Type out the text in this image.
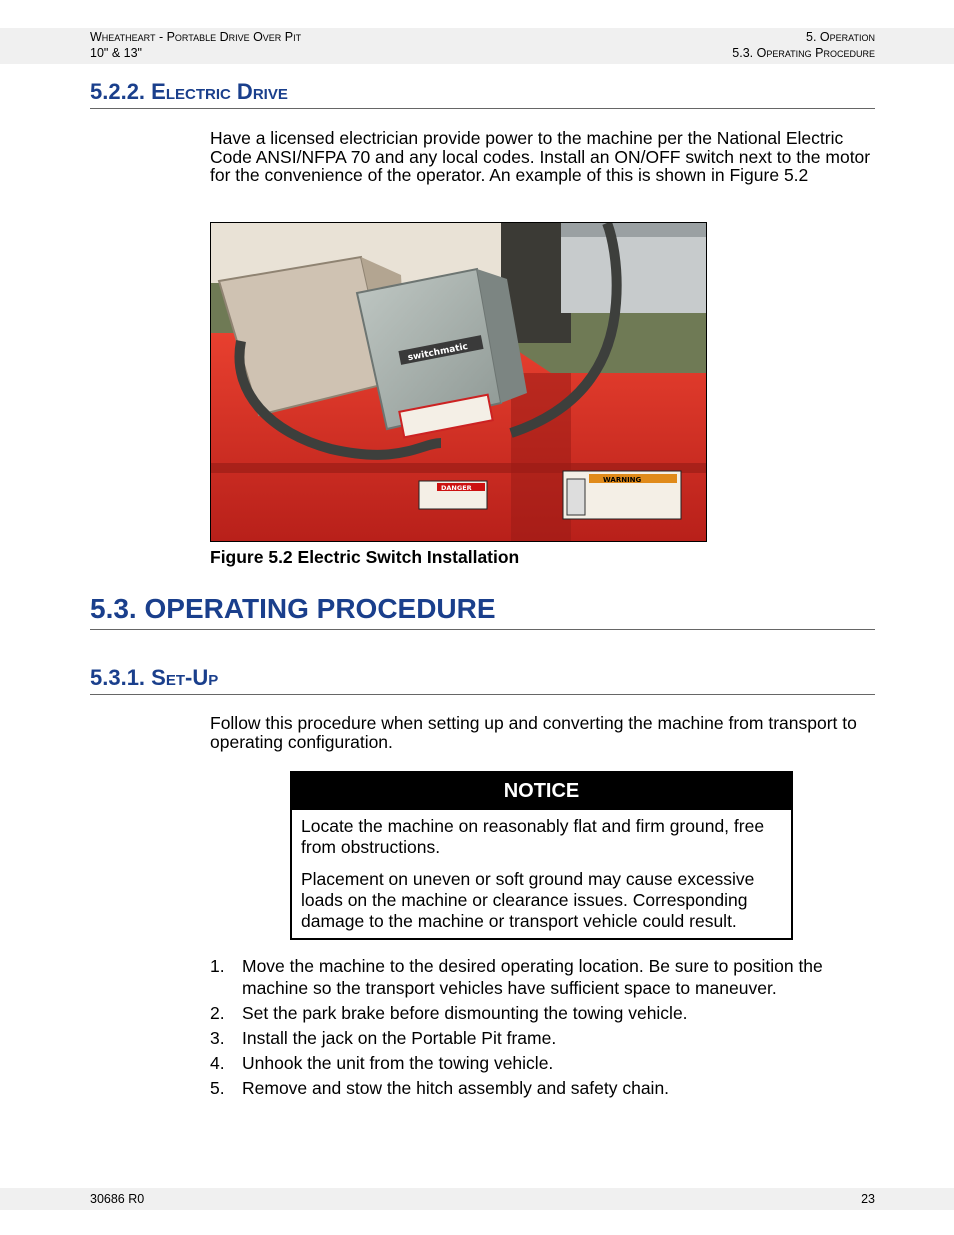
Wheatheart - Portable Drive Over Pit
10" & 13"
5. Operation
5.3. Operating Procedure
5.2.2. Electric Drive
Have a licensed electrician provide power to the machine per the National Electric Code ANSI/NFPA 70 and any local codes. Install an ON/OFF switch next to the motor for the convenience of the operator. An example of this is shown in Figure 5.2
switchmatic
DANGER
WARNING
Figure 5.2 Electric Switch Installation
5.3. OPERATING PROCEDURE
5.3.1. Set-Up
Follow this procedure when setting up and converting the machine from transport to operating configuration.
NOTICE

Locate the machine on reasonably flat and firm ground, free from obstructions.

Placement on uneven or soft ground may cause excessive loads on the machine or clearance issues. Corresponding damage to the machine or transport vehicle could result.

1. Move the machine to the desired operating location. Be sure to position the machine so the transport vehicles have sufficient space to maneuver.
2. Set the park brake before dismounting the towing vehicle.
3. Install the jack on the Portable Pit frame.
4. Unhook the unit from the towing vehicle.
5. Remove and stow the hitch assembly and safety chain.
30686 R0	23
